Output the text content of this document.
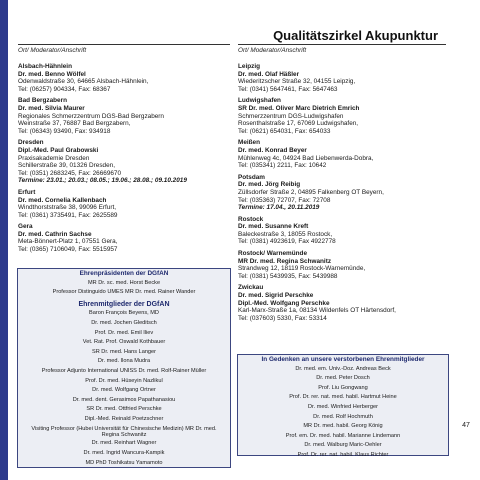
Qualitätszirkel Akupunktur
Ort/ Moderator/Anschrift	Ort/ Moderator/Anschrift
Alsbach-Hähnlein
Dr. med. Benno Wölfel
Odenwaldstraße 30, 64665 Alsbach-Hähnlein,
Tel: (06257) 904334, Fax: 68367
Bad Bergzabern
Dr. med. Silvia Maurer
Regionales Schmerzzentrum DGS-Bad Bergzabern
Weinstraße 37, 76887 Bad Bergzabern,
Tel: (06343) 93490, Fax: 934918
Dresden
Dipl.-Med. Paul Grabowski
Praxisakademie Dresden
Schillerstraße 39, 01326 Dresden,
Tel: (0351) 2683245, Fax: 26669670
Termine: 23.01.; 20.03.; 08.05.; 19.06.; 28.08.; 09.10.2019
Erfurt
Dr. med. Cornelia Kallenbach
Windthorststraße 38, 99096 Erfurt,
Tel: (0361) 3735491, Fax: 2625589
Gera
Dr. med. Cathrin Sachse
Meta-Bönnert-Platz 1, 07551 Gera,
Tel: (0365) 7106049, Fax: 5515957
Leipzig
Dr. med. Olaf Häßler
Wiederitzscher Straße 32, 04155 Leipzig,
Tel: (0341) 5647461, Fax: 5647463
Ludwigshafen
SR Dr. med. Oliver Marc Dietrich Emrich
Schmerzzentrum DGS-Ludwigshafen
Rosenthalstraße 17, 67069 Ludwigshafen,
Tel: (0621) 654031, Fax: 654033
Meißen
Dr. med. Konrad Beyer
Mühlenweg 4c, 04924 Bad Liebenwerda-Dobra,
Tel: (035341) 2211, Fax: 10642
Potsdam
Dr. med. Jörg Reibig
Züllsdorfer Straße 2, 04895 Falkenberg OT Beyern,
Tel: (035363) 72707, Fax: 72708
Termine: 17.04., 20.11.2019
Rostock
Dr. med. Susanne Kreft
Baleckestraße 3, 18055 Rostock,
Tel: (0381) 4923619, Fax 4922778
Rostock/ Warnemünde
MR Dr. med. Regina Schwanitz
Strandweg 12, 18119 Rostock-Warnemünde,
Tel: (0381) 5439935, Fax: 5439988
Zwickau
Dr. med. Sigrid Perschke
Dipl.-Med. Wolfgang Perschke
Karl-Marx-Straße 1a, 08134 Wildenfels OT Härtensdorf,
Tel: (037603) 5330, Fax: 53314
Ehrenpräsidenten der DGfAN
MR Dr. sc. med. Horst Becke
Professor Distinguido UMES MR Dr. med. Rainer Wander
Ehrenmitglieder der DGfAN
Baron François Beyens, MD
Dr. med. Jochen Gleditsch
Prof. Dr. med. Emil Iliev
Vet. Rat. Prof. Oswald Kothbauer
SR Dr. med. Hans Langer
Dr. med. Ilona Mudra
Professor Adjunto International UNISS Dr. med. Rolf-Rainer Müller
Prof. Dr. med. Hüseyin Nazlikul
Dr. med. Wolfgang Ortner
Dr. med. dent. Gerasimos Papathanasiou
SR Dr. med. Ottfried Perschke
Dipl.-Med. Reinald Poetzschner
Visiting Professor (Hubei Universität für Chinesische Medizin) MR Dr. med. Regina Schwanitz
Dr. med. Reinhart Wagner
Dr. med. Ingrid Wancura-Kampik
MD PhD Toshikatsu Yamamoto
In Gedenken an unsere verstorbenen Ehrenmitglieder
Dr. med. em. Univ.-Doz. Andreas Beck
Dr. med. Peter Dosch
Prof. Liu Gongwang
Prof. Dr. rer. nat. med. habil. Hartmut Heine
Dr. med. Winfried Herberger
Dr. med. Rolf Hochmuth
MR Dr. med. habil. Georg König
Prof. em. Dr. med. habil. Marianne Lindemann
Dr. med. Walburg Maric-Oehler
Prof. Dr. rer. nat. habil. Klaus Richter
47
